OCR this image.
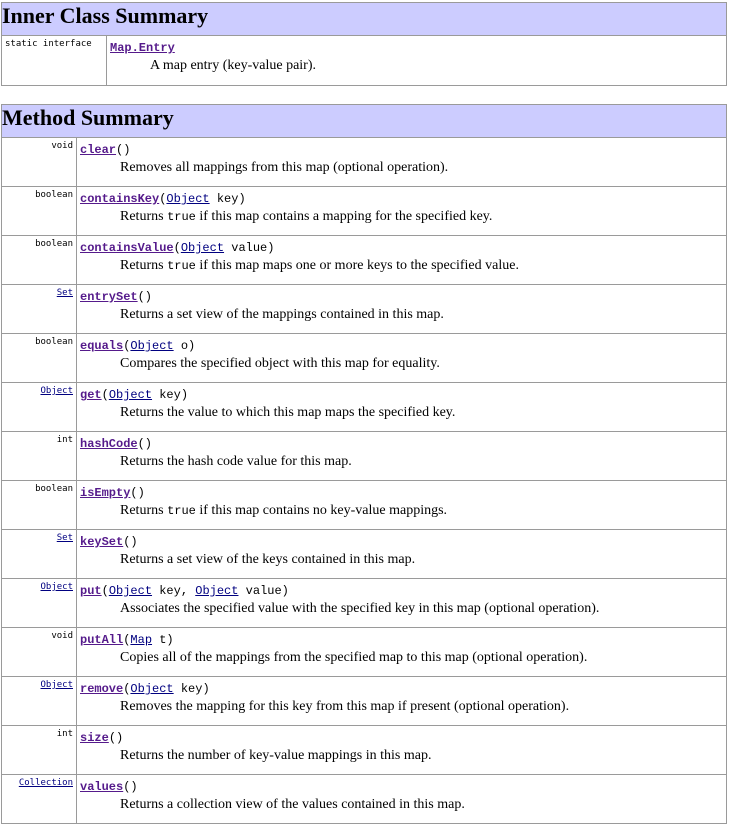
Inner Class Summary
static interface	Map.Entry
A map entry (key-value pair).
Method Summary	
void	clear()
Removes all mappings from this map (optional operation).

boolean	containsKey(Object key)
Returns true if this map contains a mapping for the specified key.

boolean	containsValue(Object value)
Returns true if this map maps one or more keys to the specified value.

Set	entrySet()
Returns a set view of the mappings contained in this map.

boolean	equals(Object o)
Compares the specified object with this map for equality.

Object	get(Object key)
Returns the value to which this map maps the specified key.

int	hashCode()
Returns the hash code value for this map.

boolean	isEmpty()
Returns true if this map contains no key-value mappings.

Set	keySet()
Returns a set view of the keys contained in this map.

Object	put(Object key, Object value)
Associates the specified value with the specified key in this map (optional operation).

void	putAll(Map t)
Copies all of the mappings from the specified map to this map (optional operation).

Object	remove(Object key)
Removes the mapping for this key from this map if present (optional operation).

int	size()
Returns the number of key-value mappings in this map.

Collection	values()
Returns a collection view of the values contained in this map.
